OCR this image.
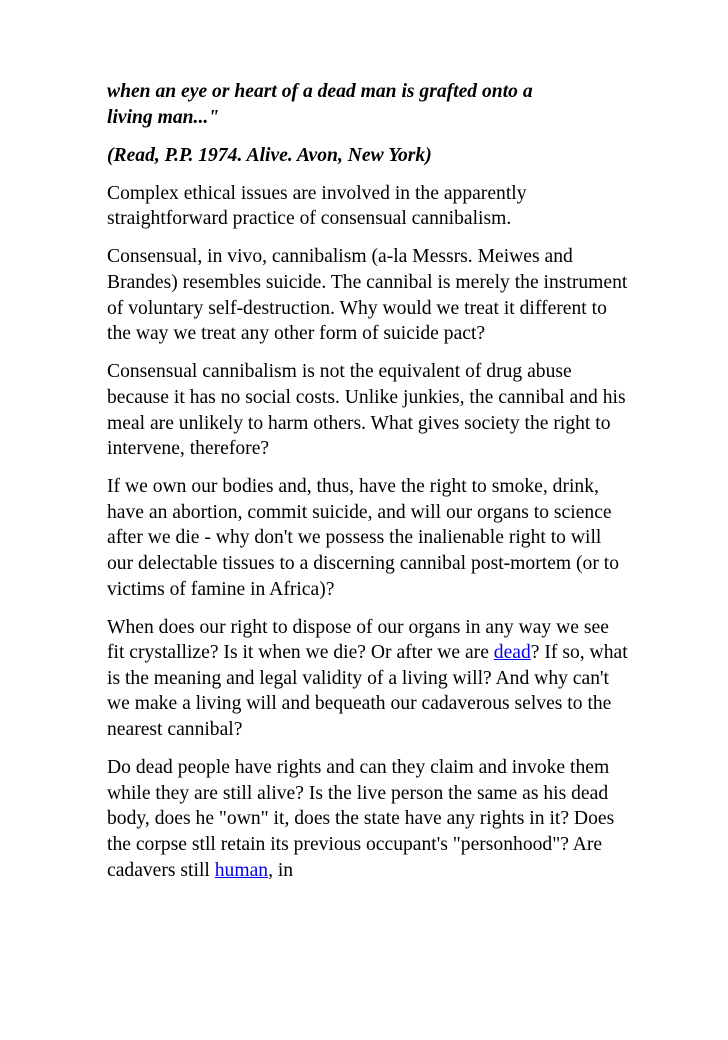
when an eye or heart of a dead man is grafted onto a
living man..."

(Read, P.P. 1974. Alive. Avon, New York)

Complex ethical issues are involved in the apparently straightforward practice of consensual cannibalism.

Consensual, in vivo, cannibalism (a-la Messrs. Meiwes and Brandes) resembles suicide. The cannibal is merely the instrument of voluntary self-destruction. Why would we treat it different to the way we treat any other form of suicide pact?

Consensual cannibalism is not the equivalent of drug abuse because it has no social costs. Unlike junkies, the cannibal and his meal are unlikely to harm others. What gives society the right to intervene, therefore?

If we own our bodies and, thus, have the right to smoke, drink, have an abortion, commit suicide, and will our organs to science after we die - why don't we possess the inalienable right to will our delectable tissues to a discerning cannibal post-mortem (or to victims of famine in Africa)?

When does our right to dispose of our organs in any way we see fit crystallize? Is it when we die? Or after we are dead? If so, what is the meaning and legal validity of a living will? And why can't we make a living will and bequeath our cadaverous selves to the nearest cannibal?

Do dead people have rights and can they claim and invoke them while they are still alive? Is the live person the same as his dead body, does he "own" it, does the state have any rights in it? Does the corpse stll retain its previous occupant's "personhood"? Are cadavers still human, in
